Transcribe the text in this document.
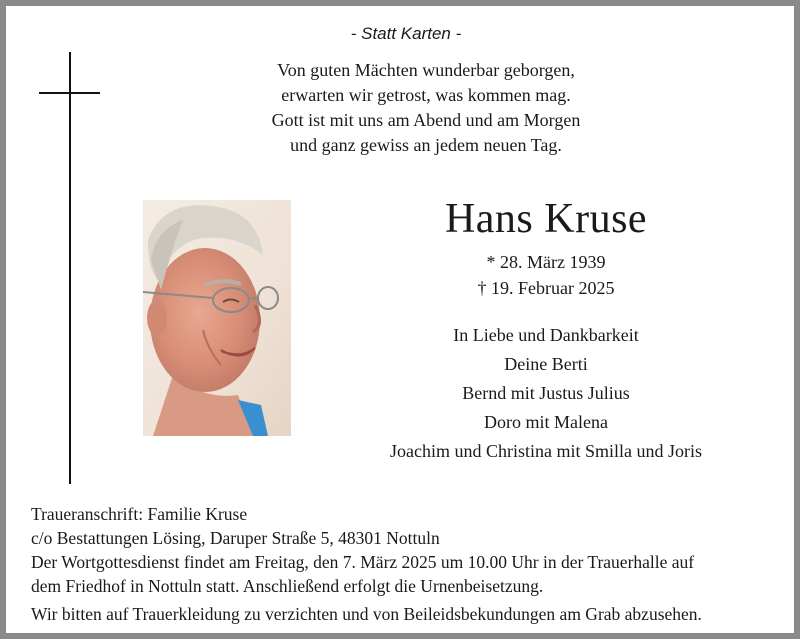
- Statt Karten -
Von guten Mächten wunderbar geborgen,
erwarten wir getrost, was kommen mag.
Gott ist mit uns am Abend und am Morgen
und ganz gewiss an jedem neuen Tag.
Hans Kruse
* 28. März 1939
† 19. Februar 2025
In Liebe und Dankbarkeit
Deine Berti
Bernd mit Justus Julius
Doro mit Malena
Joachim und Christina mit Smilla und Joris
Traueranschrift: Familie Kruse
c/o Bestattungen Lösing, Daruper Straße 5, 48301 Nottuln
Der Wortgottesdienst findet am Freitag, den 7. März 2025 um 10.00 Uhr in der Trauerhalle auf
dem Friedhof in Nottuln statt. Anschließend erfolgt die Urnenbeisetzung.
Wir bitten auf Trauerkleidung zu verzichten und von Beileidsbekundungen am Grab abzusehen.
